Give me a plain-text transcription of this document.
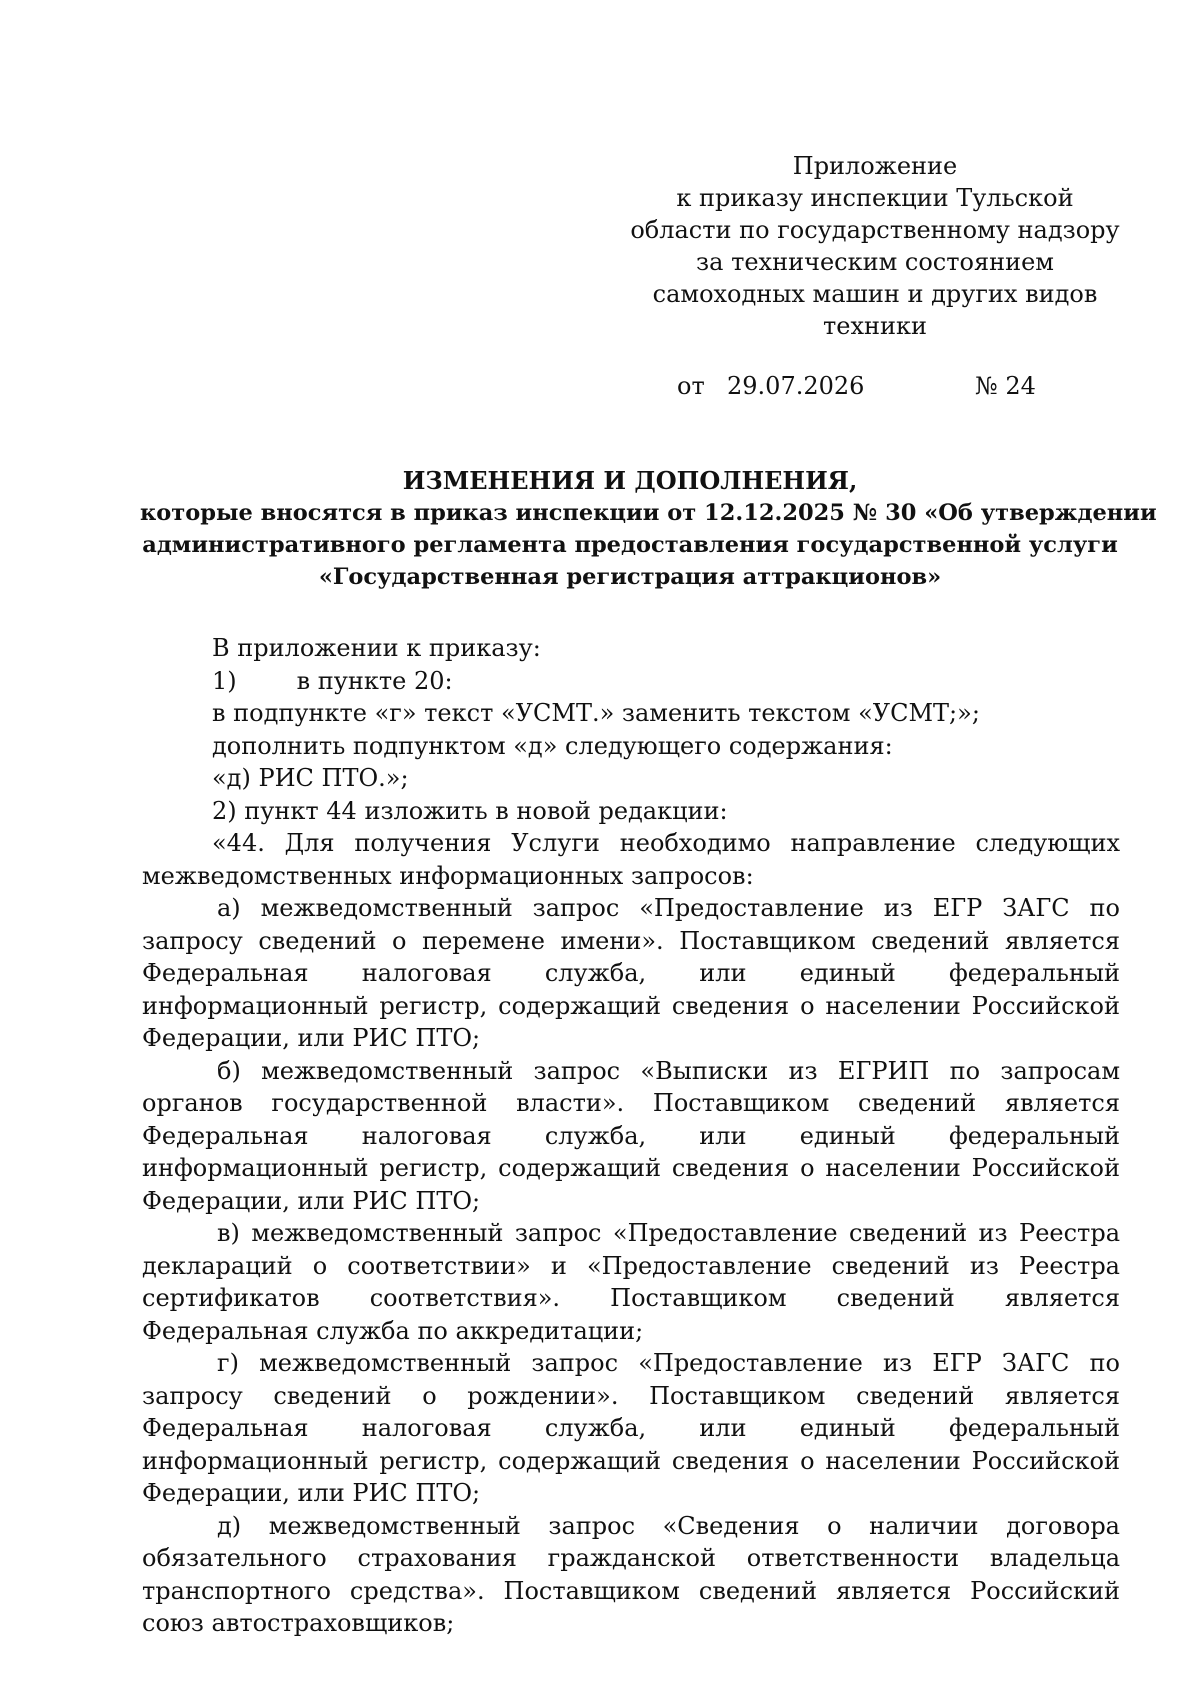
Приложение
к приказу инспекции Тульской
области по государственному надзору
за техническим состоянием
самоходных машин и других видов
техники
от 29.07.2026	№ 24
ИЗМЕНЕНИЯ И ДОПОЛНЕНИЯ,
которые вносятся в приказ инспекции от 12.12.2025 № 30 «Об утверждении
административного регламента предоставления государственной услуги
«Государственная регистрация аттракционов»
В приложении к приказу:
1)	в пункте 20:
в подпункте «г» текст «УСМТ.» заменить текстом «УСМТ;»;
дополнить подпунктом «д» следующего содержания:
«д) РИС ПТО.»;
2) пункт 44 изложить в новой редакции:
«44. Для получения Услуги необходимо направление следующих межведомственных информационных запросов:
а) межведомственный запрос «Предоставление из ЕГР ЗАГС по запросу сведений о перемене имени». Поставщиком сведений является Федеральная налоговая служба, или единый федеральный информационный регистр, содержащий сведения о населении Российской Федерации, или РИС ПТО;
б) межведомственный запрос «Выписки из ЕГРИП по запросам органов государственной власти». Поставщиком сведений является Федеральная налоговая служба, или единый федеральный информационный регистр, содержащий сведения о населении Российской Федерации, или РИС ПТО;
в) межведомственный запрос «Предоставление сведений из Реестра деклараций о соответствии» и «Предоставление сведений из Реестра сертификатов соответствия». Поставщиком сведений является Федеральная служба по аккредитации;
г) межведомственный запрос «Предоставление из ЕГР ЗАГС по запросу сведений о рождении». Поставщиком сведений является Федеральная налоговая служба, или единый федеральный информационный регистр, содержащий сведения о населении Российской Федерации, или РИС ПТО;
д) межведомственный запрос «Сведения о наличии договора обязательного страхования гражданской ответственности владельца транспортного средства». Поставщиком сведений является Российский союз автостраховщиков;
